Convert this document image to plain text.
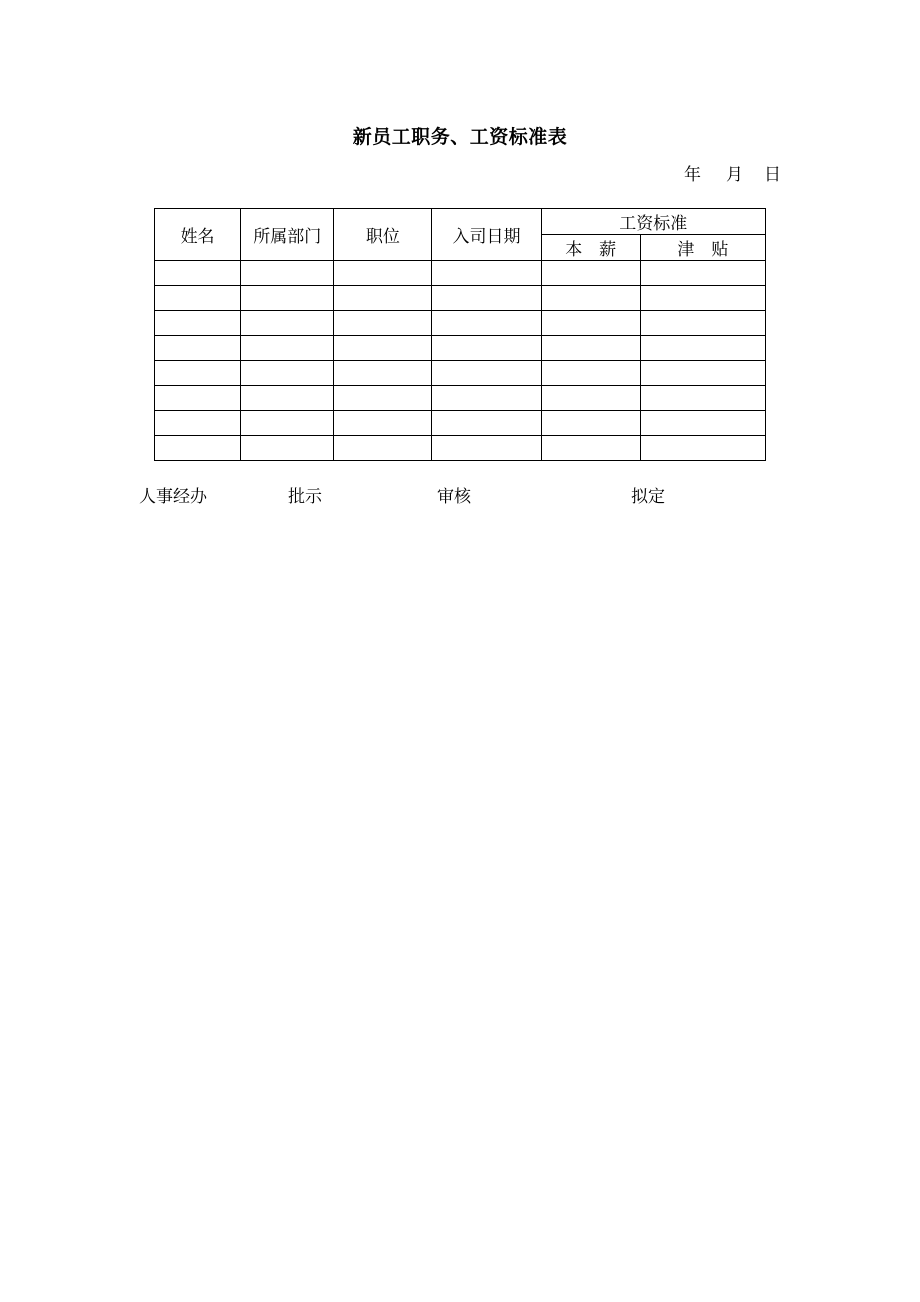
新员工职务、工资标准表
年	月	日
姓名	所属部门	职位	入司日期	工资标准	
				本　薪	津　贴

人事经办	批示	审核	拟定
